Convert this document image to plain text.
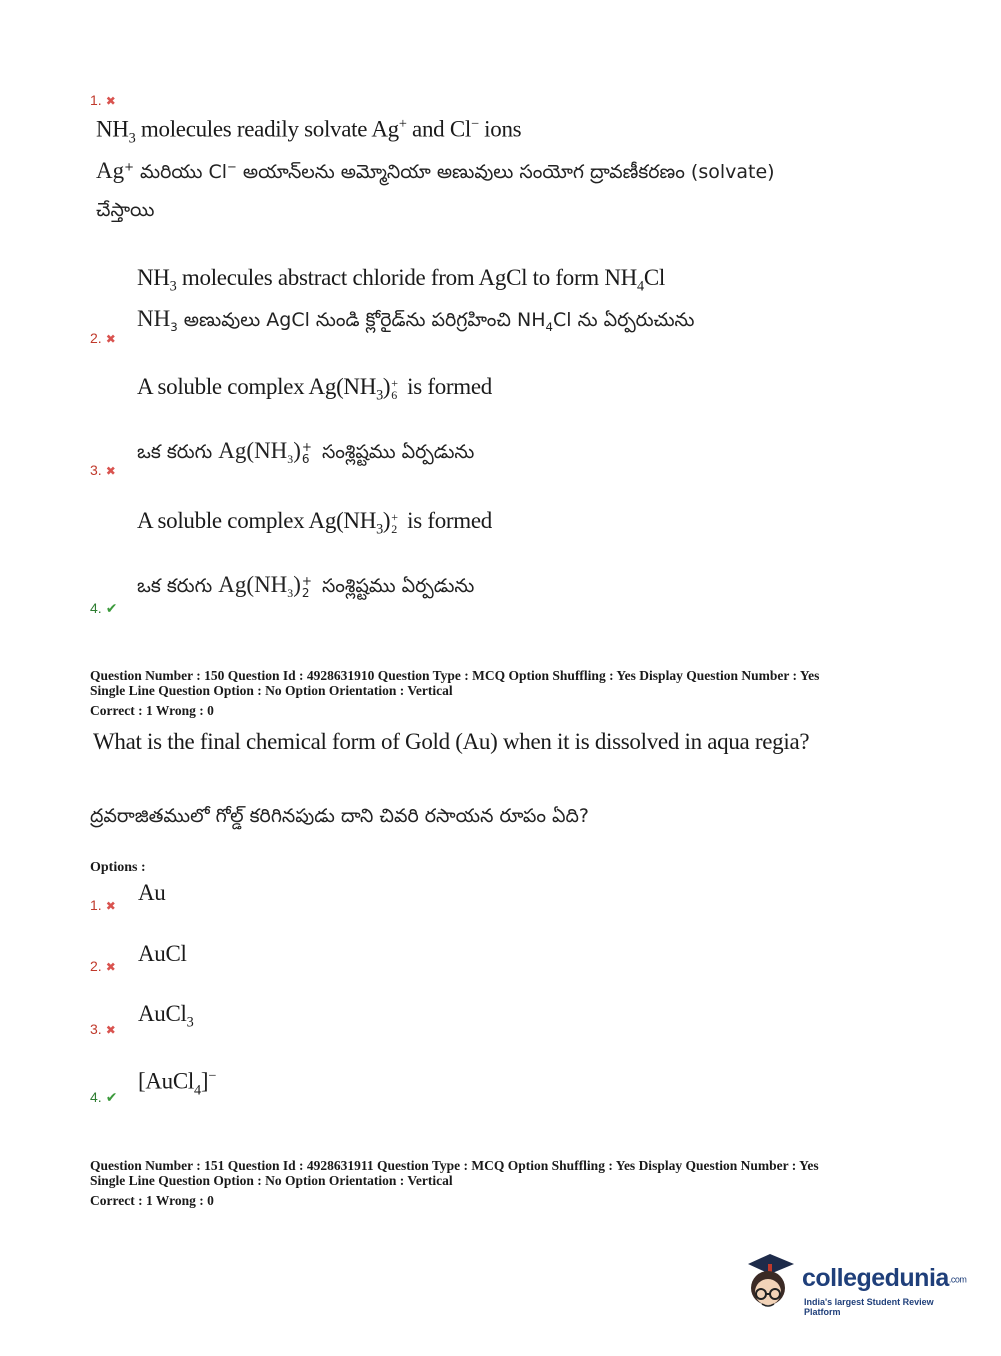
1. ✖
$NH_3$ molecules readily solvate Ag+ and Cl− ions
Ag+ మరియు Cl− అయాన్‌లను అమ్మోనియా అణువులు సంయోగ ద్రావణీకరణం (solvate)
చేస్తాయి
$NH_3$ molecules abstract chloride from AgCl to form $NH_4Cl$
$NH_3$ అణువులు AgCl నుండి క్లోరైడ్‌ను పరిగ్రహించి $NH_4Cl$ ను ఏర్పరుచును
2. ✖
A soluble complex $Ag(NH_3)$ +
6 is formed
ఒక కరుగు $Ag(NH_3)$ +
6 సంశ్లిష్టము ఏర్పడును
3. ✖
A soluble complex $Ag(NH_3)$ +
2 is formed
ఒక కరుగు $Ag(NH_3)$ +
2 సంశ్లిష్టము ఏర్పడును
4. ✔
Question Number : 150 Question Id : 4928631910 Question Type : MCQ Option Shuffling : Yes Display Question Number : Yes
Single Line Question Option : No Option Orientation : Vertical
Correct : 1 Wrong : 0
What is the final chemical form of Gold (Au) when it is dissolved in aqua regia?
ద్రవరాజితములో గోల్డ్ కరిగినపుడు దాని చివరి రసాయన రూపం ఏది?
Options :
1. ✖
Au
2. ✖
AuCl
3. ✖
AuCl$_3$
4. ✔
[AuCl$_4$]−
Question Number : 151 Question Id : 4928631911 Question Type : MCQ Option Shuffling : Yes Display Question Number : Yes
Single Line Question Option : No Option Orientation : Vertical
Correct : 1 Wrong : 0
collegedunia.com
India's largest Student Review Platform
